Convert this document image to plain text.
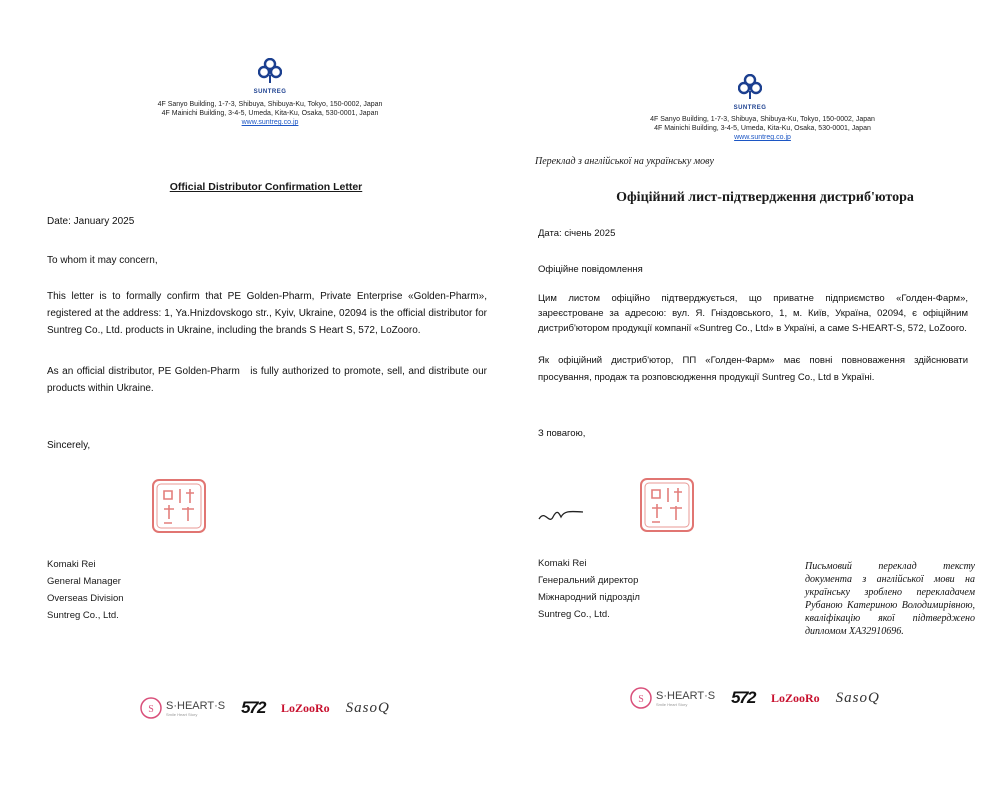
SUNTREG
4F Sanyo Building, 1-7-3, Shibuya, Shibuya-Ku, Tokyo, 150-0002, Japan
4F Mainichi Building, 3-4-5, Umeda, Kita-Ku, Osaka, 530-0001, Japan
www.suntreg.co.jp
Official Distributor Confirmation Letter
Date: January 2025
To whom it may concern,
This letter is to formally confirm that PE Golden-Pharm, Private Enterprise «Golden-Pharm», registered at the address: 1, Ya.Hnizdovskogo str., Kyiv, Ukraine, 02094 is the official distributor for Suntreg Co., Ltd. products in Ukraine, including the brands S Heart S, 572, LoZooro.
As an official distributor, PE Golden-Pharm   is fully authorized to promote, sell, and distribute our products within Ukraine.
Sincerely,
Komaki Rei
General Manager
Overseas Division
Suntreg Co., Ltd.
S S·HEART·S
Smile Heart Story	572 LoZooRo SasoQ
SUNTREG
4F Sanyo Building, 1-7-3, Shibuya, Shibuya-Ku, Tokyo, 150-0002, Japan
4F Mainichi Building, 3-4-5, Umeda, Kita-Ku, Osaka, 530-0001, Japan
www.suntreg.co.jp
Переклад з англійської на українську мову
Офіційний лист-підтвердження дистриб'ютора
Дата: січень 2025
Офіційне повідомлення
Цим листом офіційно підтверджується, що приватне підприємство «Голден-Фарм», зареєстроване за адресою: вул. Я. Гніздовського, 1, м. Київ, Україна, 02094, є офіційним дистриб'ютором продукції компанії «Suntreg Co., Ltd» в Україні, а саме S-HEART-S, 572, LoZooro.
Як офіційний дистриб'ютор, ПП «Голден-Фарм» має повні повноваження здійснювати просування, продаж та розповсюдження продукції Suntreg Co., Ltd в Україні.
З повагою,
Komaki Rei
Генеральний директор
Міжнародний підрозділ
Suntreg Co., Ltd.
Письмовий переклад тексту документа з англійської мови на українську зроблено перекладачем Рубаною Катериною Володимирівною, кваліфікацію якої підтверджено дипломом ХА32910696.
S S·HEART·S
Smile Heart Story	572 LoZooRo SasoQ
